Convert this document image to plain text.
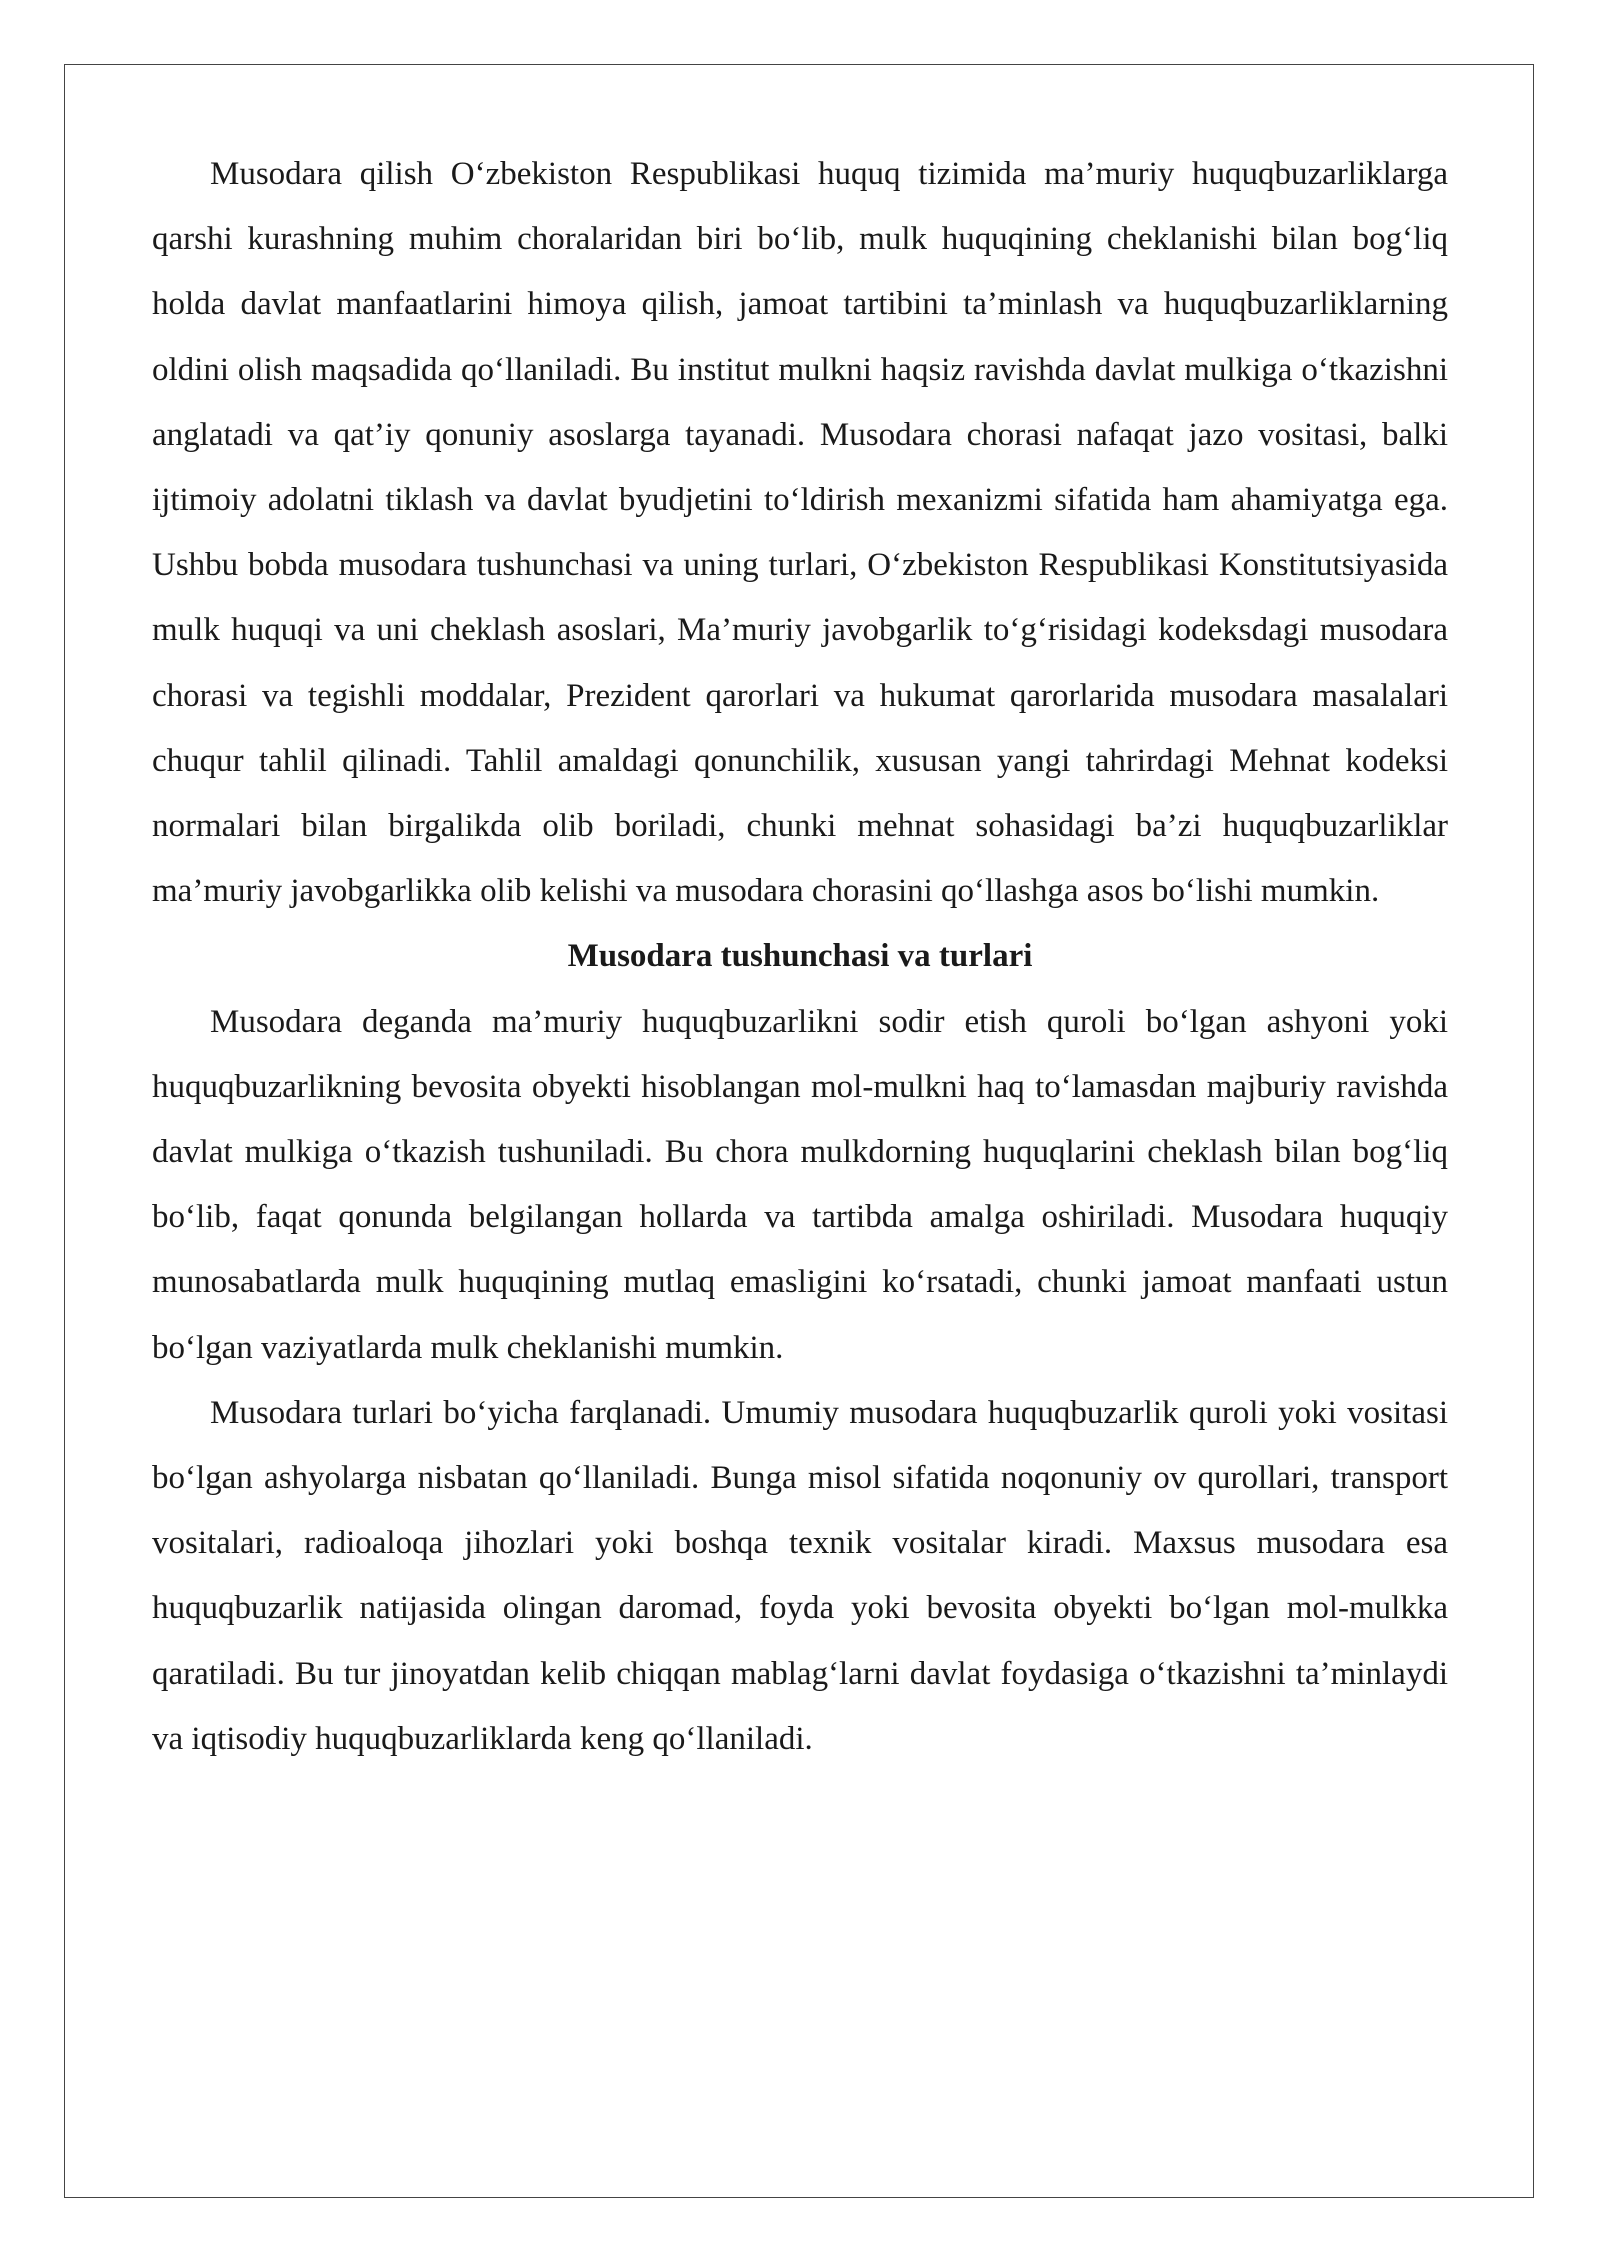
Musodara qilish O‘zbekiston Respublikasi huquq tizimida ma’muriy huquqbuzarliklarga qarshi kurashning muhim choralaridan biri bo‘lib, mulk huquqining cheklanishi bilan bog‘liq holda davlat manfaatlarini himoya qilish, jamoat tartibini ta’minlash va huquqbuzarliklarning oldini olish maqsadida qo‘llaniladi. Bu institut mulkni haqsiz ravishda davlat mulkiga o‘tkazishni anglatadi va qat’iy qonuniy asoslarga tayanadi. Musodara chorasi nafaqat jazo vositasi, balki ijtimoiy adolatni tiklash va davlat byudjetini to‘ldirish mexanizmi sifatida ham ahamiyatga ega. Ushbu bobda musodara tushunchasi va uning turlari, O‘zbekiston Respublikasi Konstitutsiyasida mulk huquqi va uni cheklash asoslari, Ma’muriy javobgarlik to‘g‘risidagi kodeksdagi musodara chorasi va tegishli moddalar, Prezident qarorlari va hukumat qarorlarida musodara masalalari chuqur tahlil qilinadi. Tahlil amaldagi qonunchilik, xususan yangi tahrirdagi Mehnat kodeksi normalari bilan birgalikda olib boriladi, chunki mehnat sohasidagi ba’zi huquqbuzarliklar ma’muriy javobgarlikka olib kelishi va musodara chorasini qo‘llashga asos bo‘lishi mumkin.

Musodara tushunchasi va turlari

Musodara deganda ma’muriy huquqbuzarlikni sodir etish quroli bo‘lgan ashyoni yoki huquqbuzarlikning bevosita obyekti hisoblangan mol-mulkni haq to‘lamasdan majburiy ravishda davlat mulkiga o‘tkazish tushuniladi. Bu chora mulkdorning huquqlarini cheklash bilan bog‘liq bo‘lib, faqat qonunda belgilangan hollarda va tartibda amalga oshiriladi. Musodara huquqiy munosabatlarda mulk huquqining mutlaq emasligini ko‘rsatadi, chunki jamoat manfaati ustun bo‘lgan vaziyatlarda mulk cheklanishi mumkin.

Musodara turlari bo‘yicha farqlanadi. Umumiy musodara huquqbuzarlik quroli yoki vositasi bo‘lgan ashyolarga nisbatan qo‘llaniladi. Bunga misol sifatida noqonuniy ov qurollari, transport vositalari, radioaloqa jihozlari yoki boshqa texnik vositalar kiradi. Maxsus musodara esa huquqbuzarlik natijasida olingan daromad, foyda yoki bevosita obyekti bo‘lgan mol-mulkka qaratiladi. Bu tur jinoyatdan kelib chiqqan mablag‘larni davlat foydasiga o‘tkazishni ta’minlaydi va iqtisodiy huquqbuzarliklarda keng qo‘llaniladi.
